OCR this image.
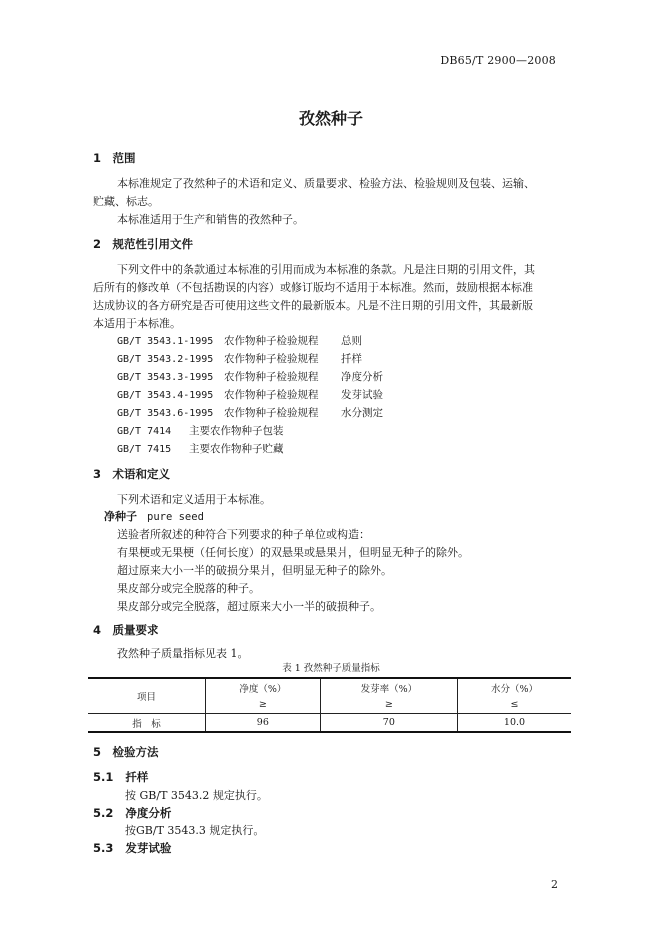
DB65/T 2900—2008
孜然种子
1　范围
本标准规定了孜然种子的术语和定义、质量要求、检验方法、检验规则及包装、运输、
贮藏、标志。
本标准适用于生产和销售的孜然种子。
2　规范性引用文件
下列文件中的条款通过本标准的引用而成为本标准的条款。凡是注日期的引用文件，其
后所有的修改单（不包括勘误的内容）或修订版均不适用于本标准。然而，鼓励根据本标准
达成协议的各方研究是否可使用这些文件的最新版本。凡是不注日期的引用文件，其最新版
本适用于本标准。
GB/T 3543.1-1995 农作物种子检验规程 总则
GB/T 3543.2-1995 农作物种子检验规程 扦样
GB/T 3543.3-1995 农作物种子检验规程 净度分析
GB/T 3543.4-1995 农作物种子检验规程 发芽试验
GB/T 3543.6-1995 农作物种子检验规程 水分测定
GB/T 7414 主要农作物种子包装
GB/T 7415 主要农作物种子贮藏
3　术语和定义
下列术语和定义适用于本标准。
净种子 pure seed
送验者所叙述的种符合下列要求的种子单位或构造：
有果梗或无果梗（任何长度）的双悬果或悬果爿，但明显无种子的除外。
超过原来大小一半的破损分果爿，但明显无种子的除外。
果皮部分或完全脱落的种子。
果皮部分或完全脱落，超过原来大小一半的破损种子。
4　质量要求
孜然种子质量指标见表 1。
表 1 孜然种子质量指标
项目	净度（%）	发芽率（%）	水分（%）
	≥	≥	≤
指　标	96	70	10.0
5　检验方法
5.1 扦样
按 GB/T 3543.2 规定执行。
5.2 净度分析
按GB/T 3543.3 规定执行。
5.3 发芽试验
2
